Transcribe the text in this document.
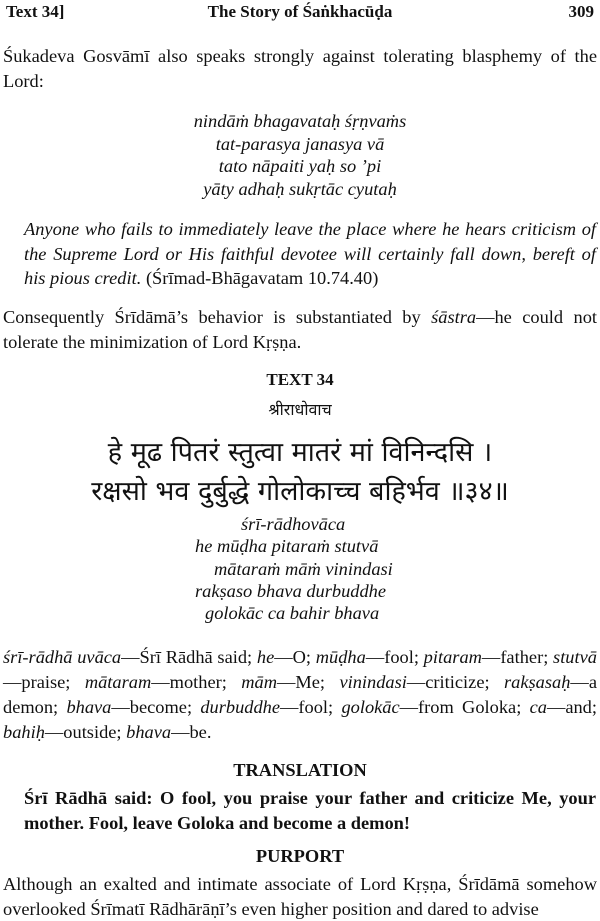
Text 34]	The Story of Śaṅkhacūḍa	309
Śukadeva Gosvāmī also speaks strongly against tolerating blasphemy of the Lord:
nindāṁ bhagavataḥ śṛṇvaṁs
tat-parasya janasya vā
tato nāpaiti yaḥ so ’pi
yāty adhaḥ sukṛtāc cyutaḥ
Anyone who fails to immediately leave the place where he hears criticism of the Supreme Lord or His faithful devotee will certainly fall down, bereft of his pious credit. (Śrīmad-Bhāgavatam 10.74.40)
Consequently Śrīdāmā’s behavior is substantiated by śāstra—he could not tolerate the minimization of Lord Kṛṣṇa.
TEXT 34
श्रीराधोवाच
हे मूढ पितरं स्तुत्वा मातरं मां विनिन्दसि ।
रक्षसो भव दुर्बुद्धे गोलोकाच्च बहिर्भव ॥३४॥
śrī-rādhovāca
he mūḍha pitaraṁ stutvā
mātaraṁ māṁ vinindasi
rakṣaso bhava durbuddhe
golokāc ca bahir bhava
śrī-rādhā uvāca—Śrī Rādhā said; he—O; mūḍha—fool; pitaram—father; stutvā—praise; mātaram—mother; mām—Me; vinindasi—criticize; rakṣasaḥ—a demon; bhava—become; durbuddhe—fool; golokāc—from Goloka; ca—and; bahiḥ—outside; bhava—be.
TRANSLATION
Śrī Rādhā said: O fool, you praise your father and criticize Me, your mother. Fool, leave Goloka and become a demon!
PURPORT
Although an exalted and intimate associate of Lord Kṛṣṇa, Śrīdāmā somehow overlooked Śrīmatī Rādhārāṇī’s even higher position and dared to advise
